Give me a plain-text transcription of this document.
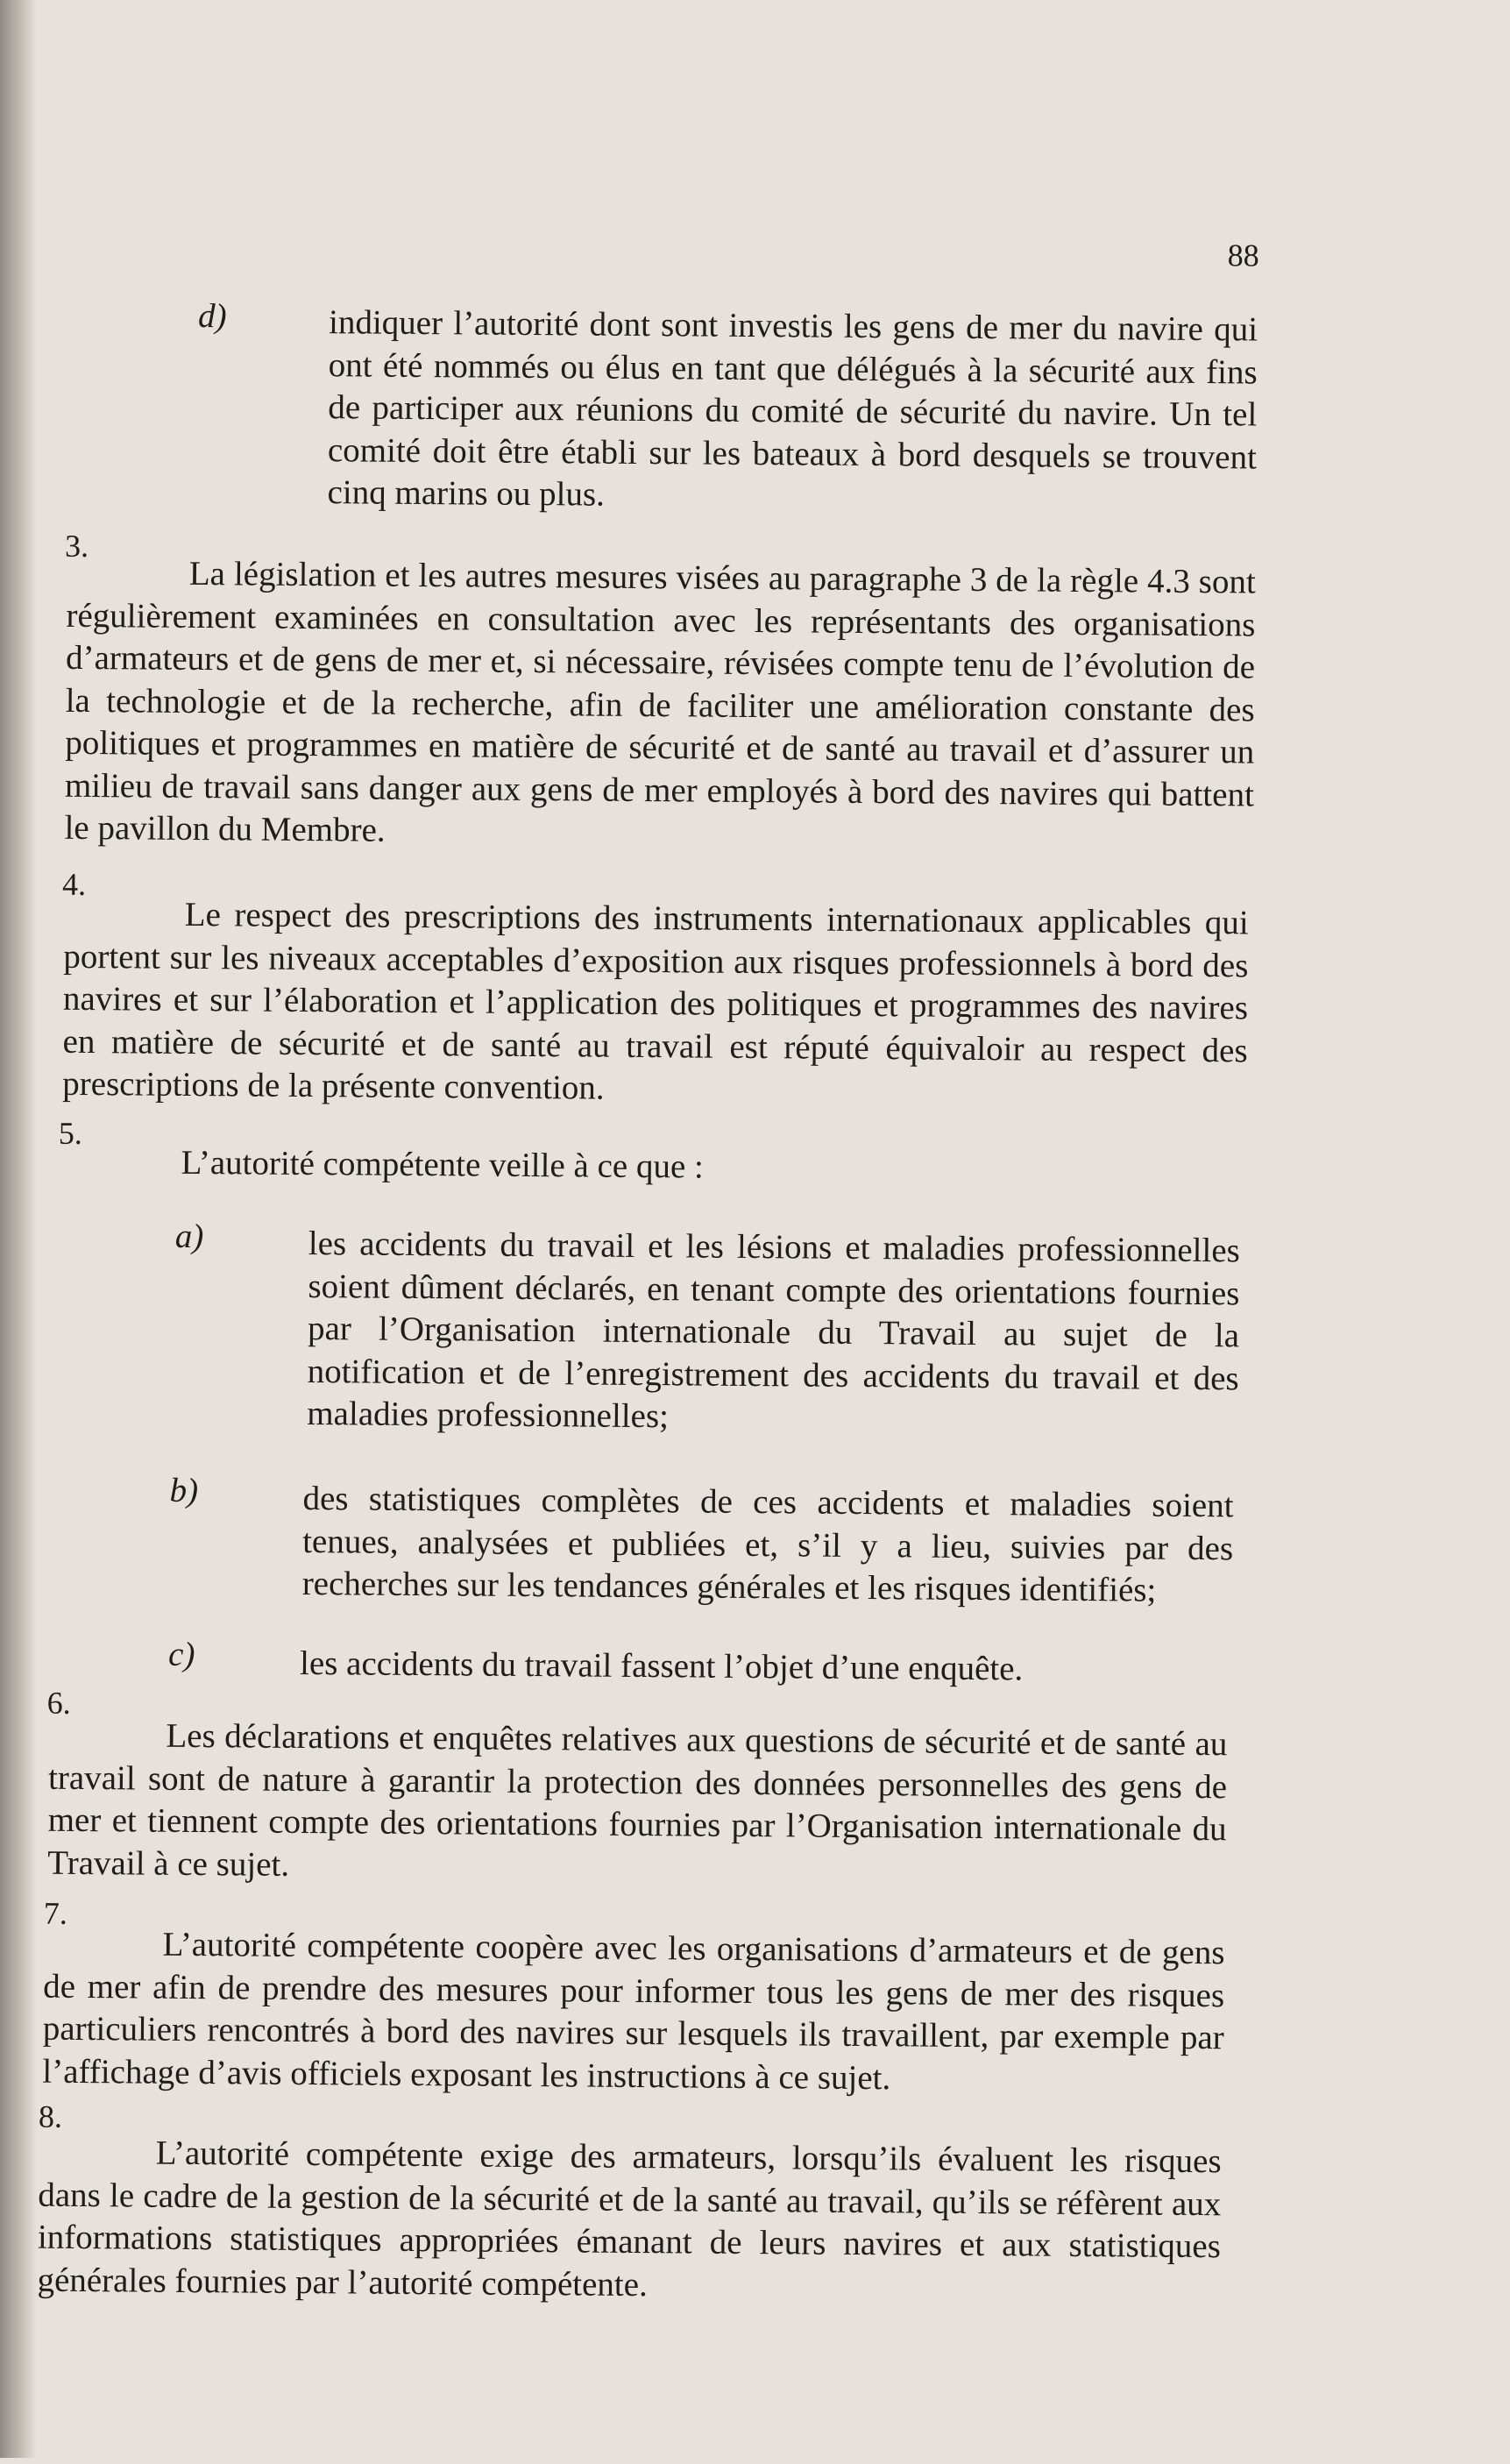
88
d)	indiquer l’autorité dont sont investis les gens de mer du navire qui ont été nommés ou élus en tant que délégués à la sécurité aux fins de participer aux réunions du comité de sécurité du navire. Un tel comité doit être établi sur les bateaux à bord desquels se trouvent cinq marins ou plus.
3.
La législation et les autres mesures visées au paragraphe 3 de la règle 4.3 sont régulièrement examinées en consultation avec les représentants des organisations d’armateurs et de gens de mer et, si nécessaire, révisées compte tenu de l’évolution de la technologie et de la recherche, afin de faciliter une amélioration constante des politiques et programmes en matière de sécurité et de santé au travail et d’assurer un milieu de travail sans danger aux gens de mer employés à bord des navires qui battent le pavillon du Membre.
4.
Le respect des prescriptions des instruments internationaux applicables qui portent sur les niveaux acceptables d’exposition aux risques professionnels à bord des navires et sur l’élaboration et l’application des politiques et programmes des navires en matière de sécurité et de santé au travail est réputé équivaloir au respect des prescriptions de la présente convention.
5.
L’autorité compétente veille à ce que :
a)	les accidents du travail et les lésions et maladies professionnelles soient dûment déclarés, en tenant compte des orientations fournies par l’Organisation internationale du Travail au sujet de la notification et de l’enregistrement des accidents du travail et des maladies professionnelles;
b)	des statistiques complètes de ces accidents et maladies soient tenues, analysées et publiées et, s’il y a lieu, suivies par des recherches sur les tendances générales et les risques identifiés;
c)	les accidents du travail fassent l’objet d’une enquête.
6.
Les déclarations et enquêtes relatives aux questions de sécurité et de santé au travail sont de nature à garantir la protection des données personnelles des gens de mer et tiennent compte des orientations fournies par l’Organisation internationale du Travail à ce sujet.
7.
L’autorité compétente coopère avec les organisations d’armateurs et de gens de mer afin de prendre des mesures pour informer tous les gens de mer des risques particuliers rencontrés à bord des navires sur lesquels ils travaillent, par exemple par l’affichage d’avis officiels exposant les instructions à ce sujet.
8.
L’autorité compétente exige des armateurs, lorsqu’ils évaluent les risques dans le cadre de la gestion de la sécurité et de la santé au travail, qu’ils se réfèrent aux informations statistiques appropriées émanant de leurs navires et aux statistiques générales fournies par l’autorité compétente.
